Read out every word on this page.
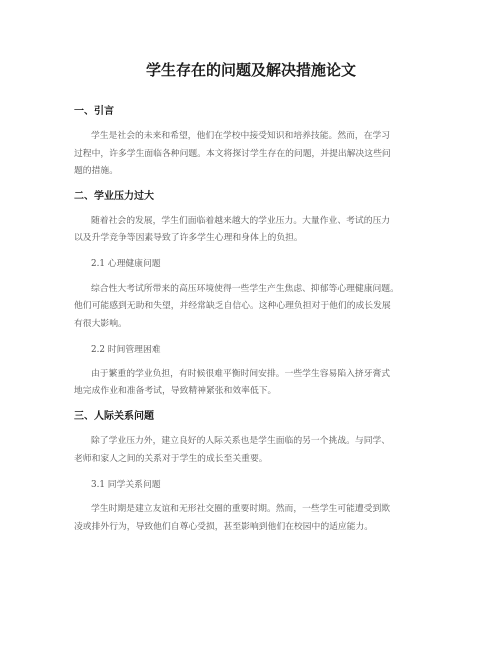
学生存在的问题及解决措施论文
一、引言
学生是社会的未来和希望，他们在学校中接受知识和培养技能。然而，在学习
过程中，许多学生面临各种问题。本文将探讨学生存在的问题，并提出解决这些问
题的措施。
二、学业压力过大
随着社会的发展，学生们面临着越来越大的学业压力。大量作业、考试的压力
以及升学竞争等因素导致了许多学生心理和身体上的负担。
2.1 心理健康问题
综合性大考试所带来的高压环境使得一些学生产生焦虑、抑郁等心理健康问题。
他们可能感到无助和失望，并经常缺乏自信心。这种心理负担对于他们的成长发展
有很大影响。
2.2 时间管理困难
由于繁重的学业负担，有时候很难平衡时间安排。一些学生容易陷入挤牙膏式
地完成作业和准备考试，导致精神紧张和效率低下。
三、人际关系问题
除了学业压力外，建立良好的人际关系也是学生面临的另一个挑战。与同学、
老师和家人之间的关系对于学生的成长至关重要。
3.1 同学关系问题
学生时期是建立友谊和无形社交圈的重要时期。然而，一些学生可能遭受到欺
凌或排外行为，导致他们自尊心受损，甚至影响到他们在校园中的适应能力。
